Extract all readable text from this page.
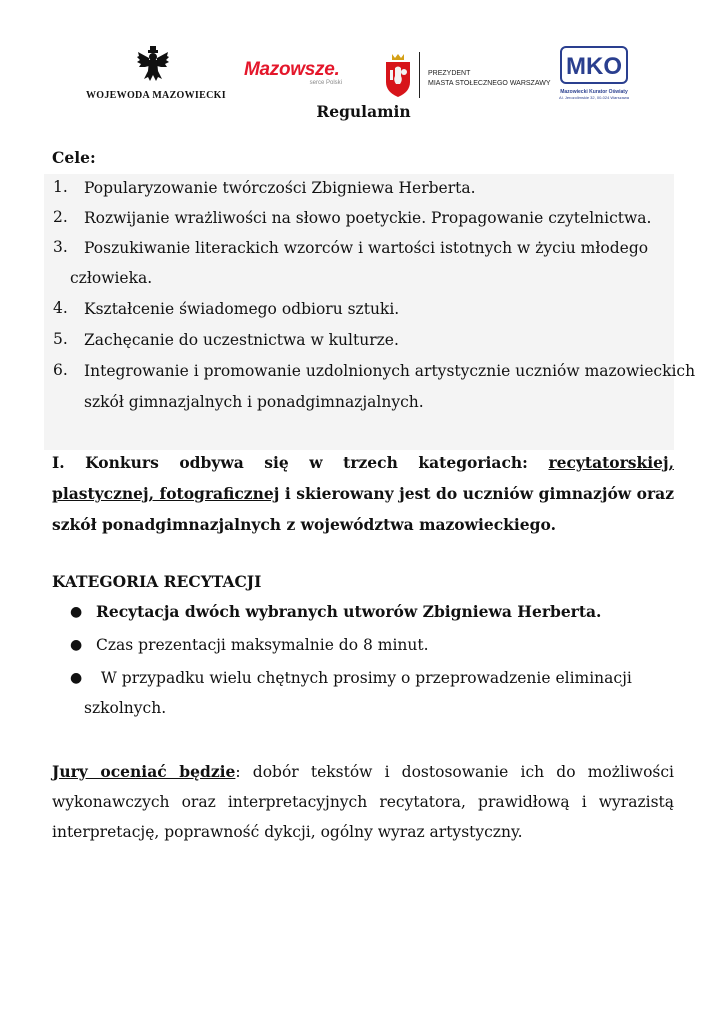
WOJEWODA MAZOWIECKI
Mazowsze.
serce Polski
PREZYDENT
MIASTA STOŁECZNEGO WARSZAWY
MKO
Mazowiecki Kurator Oświaty
Al. Jerozolimskie 32, 00-024 Warszawa
Regulamin
Cele:
1. Popularyzowanie twórczości Zbigniewa Herberta.
2. Rozwijanie wrażliwości na słowo poetyckie. Propagowanie czytelnictwa.
3. Poszukiwanie literackich wzorców i wartości istotnych w życiu młodego
człowieka.
4. Kształcenie świadomego odbioru sztuki.
5. Zachęcanie do uczestnictwa w kulturze.
6. Integrowanie i promowanie uzdolnionych artystycznie uczniów mazowieckich
szkół gimnazjalnych i ponadgimnazjalnych.
I. Konkurs odbywa się w trzech kategoriach: recytatorskiej, plastycznej, fotograficznej i skierowany jest do uczniów gimnazjów oraz szkół ponadgimnazjalnych z województwa mazowieckiego.
KATEGORIA RECYTACJI
● Recytacja dwóch wybranych utworów Zbigniewa Herberta.
● Czas prezentacji maksymalnie do 8 minut.
● W przypadku wielu chętnych prosimy o przeprowadzenie eliminacji
szkolnych.
Jury oceniać będzie: dobór tekstów i dostosowanie ich do możliwości wykonawczych oraz interpretacyjnych recytatora, prawidłową i wyrazistą interpretację, poprawność dykcji, ogólny wyraz artystyczny.
